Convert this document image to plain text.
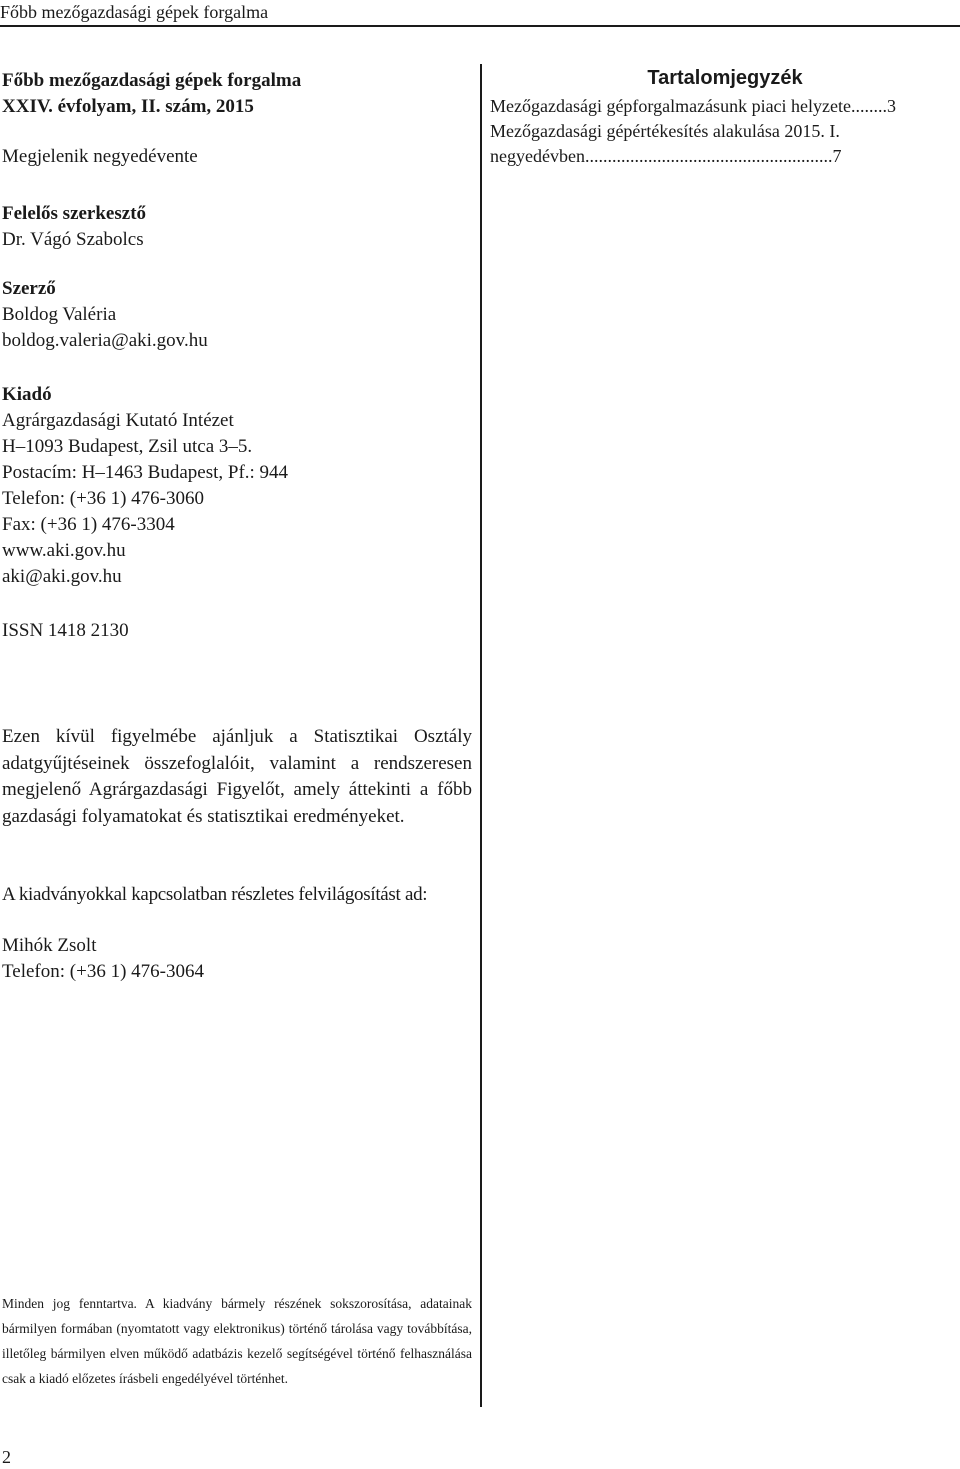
Főbb mezőgazdasági gépek forgalma
Főbb mezőgazdasági gépek forgalma
XXIV. évfolyam, II. szám, 2015
Megjelenik negyedévente
Felelős szerkesztő
Dr. Vágó Szabolcs
Szerző
Boldog Valéria
boldog.valeria@aki.gov.hu
Kiadó
Agrárgazdasági Kutató Intézet
H–1093 Budapest, Zsil utca 3–5.
Postacím: H–1463 Budapest, Pf.: 944
Telefon: (+36 1) 476-3060
Fax: (+36 1) 476-3304
www.aki.gov.hu
aki@aki.gov.hu
ISSN 1418 2130
Ezen kívül figyelmébe ajánljuk a Statisztikai Osztály adatgyűjtéseinek összefoglalóit, valamint a rendszeresen megjelenő Agrárgazdasági Figyelőt, amely áttekinti a főbb gazdasági folyamatokat és statisztikai eredményeket.
A kiadványokkal kapcsolatban részletes felvilágosítást ad:
Mihók Zsolt
Telefon: (+36 1) 476-3064
Minden jog fenntartva. A kiadvány bármely részének sokszorosítása, adatainak bármilyen formában (nyomtatott vagy elektronikus) történő tárolása vagy továbbítása, illetőleg bármilyen elven működő adatbázis kezelő segítségével történő felhasználása csak a kiadó előzetes írásbeli engedélyével történhet.
Tartalomjegyzék
Mezőgazdasági gépforgalmazásunk piaci helyzete........3
Mezőgazdasági gépértékesítés alakulása 2015. I.
negyedévben.......................................................7
2
